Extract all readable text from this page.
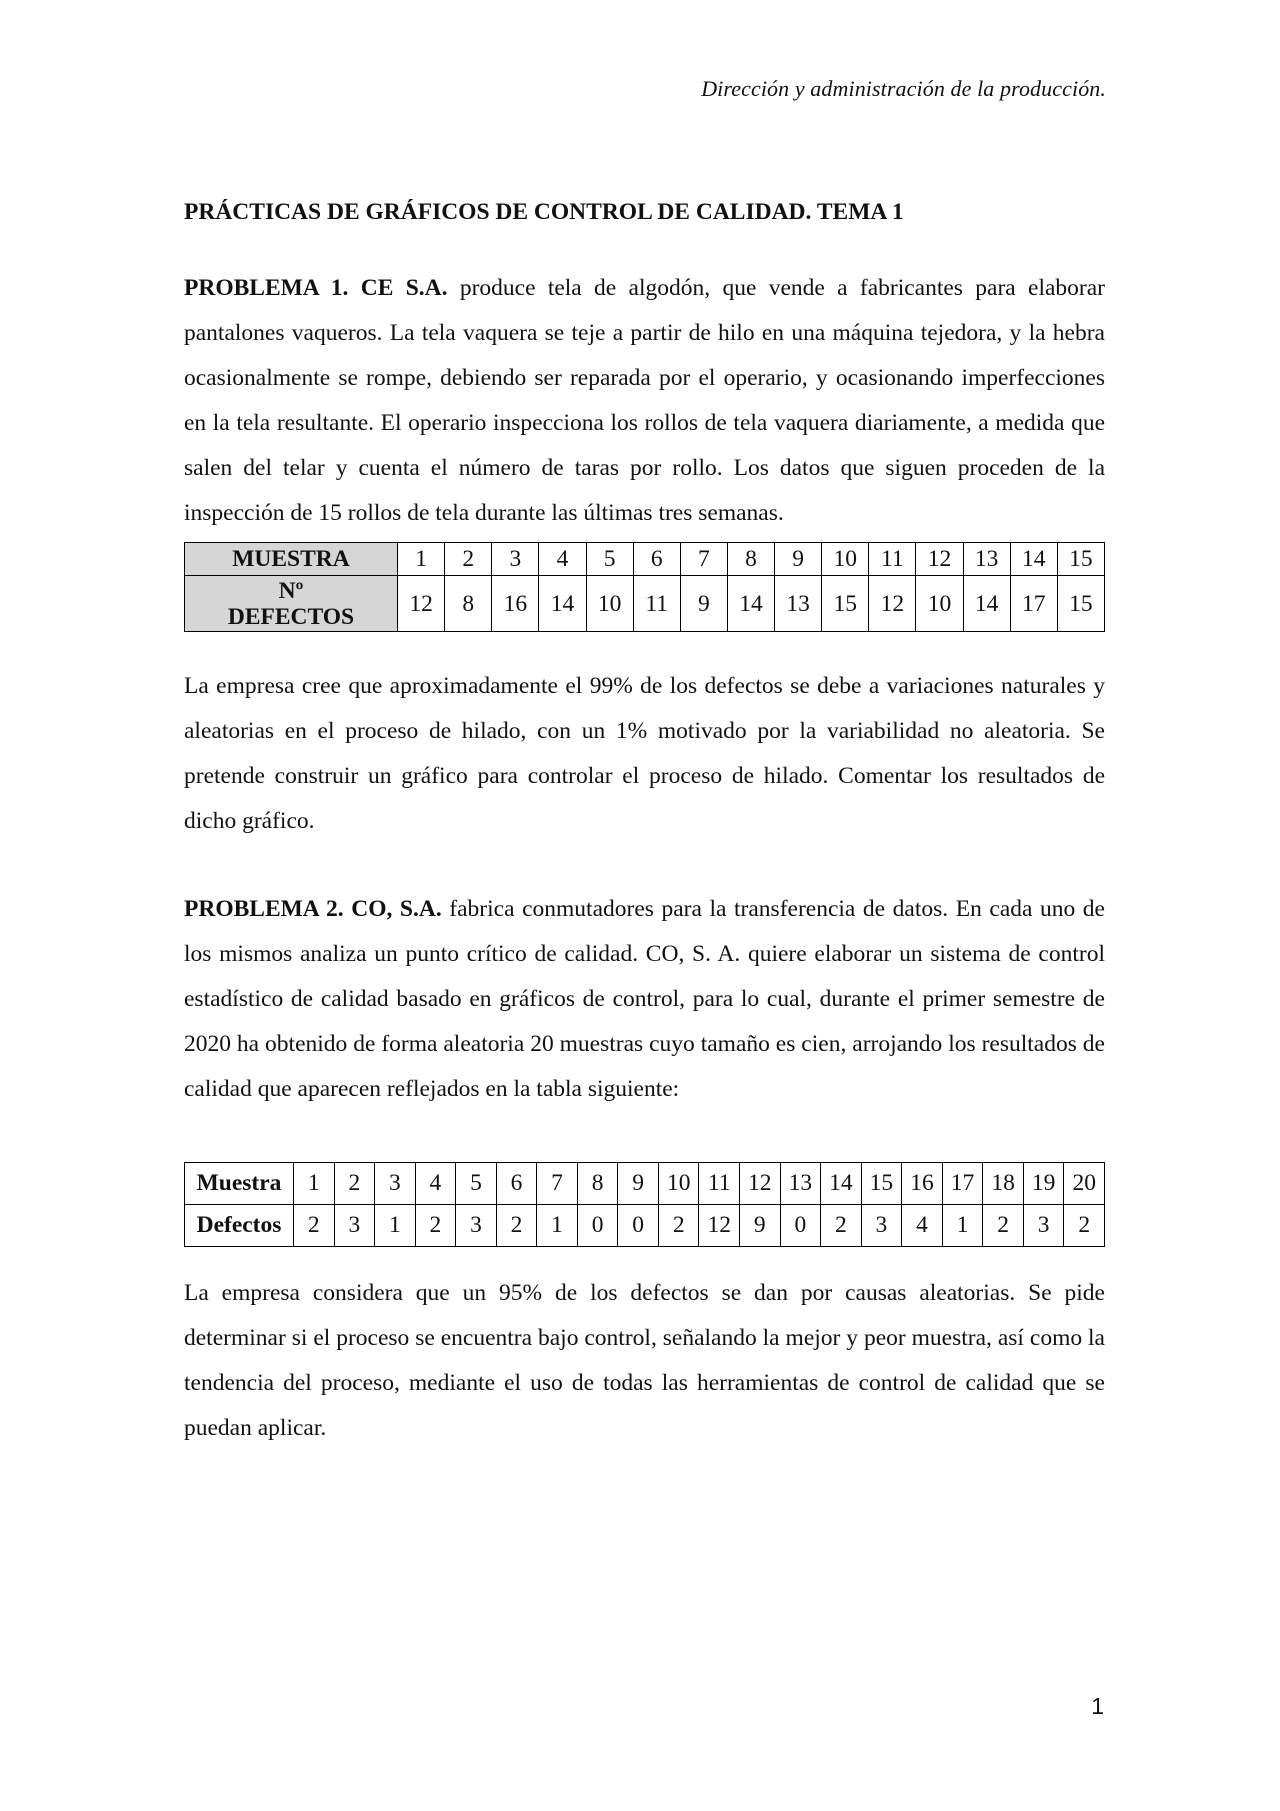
Dirección y administración de la producción.

PRÁCTICAS DE GRÁFICOS DE CONTROL DE CALIDAD. TEMA 1

PROBLEMA 1. CE S.A. produce tela de algodón, que vende a fabricantes para elaborar pantalones vaqueros. La tela vaquera se teje a partir de hilo en una máquina tejedora, y la hebra ocasionalmente se rompe, debiendo ser reparada por el operario, y ocasionando imperfecciones en la tela resultante. El operario inspecciona los rollos de tela vaquera diariamente, a medida que salen del telar y cuenta el número de taras por rollo. Los datos que siguen proceden de la inspección de 15 rollos de tela durante las últimas tres semanas.

MUESTRA	1	2	3	4	5	6	7	8	9	10	11	12	13	14	15
Nº
DEFECTOS	12	8	16	14	10	11	9	14	13	15	12	10	14	17	15

La empresa cree que aproximadamente el 99% de los defectos se debe a variaciones naturales y aleatorias en el proceso de hilado, con un 1% motivado por la variabilidad no aleatoria. Se pretende construir un gráfico para controlar el proceso de hilado. Comentar los resultados de dicho gráfico.

PROBLEMA 2. CO, S.A. fabrica conmutadores para la transferencia de datos. En cada uno de los mismos analiza un punto crítico de calidad. CO, S. A. quiere elaborar un sistema de control estadístico de calidad basado en gráficos de control, para lo cual, durante el primer semestre de 2020 ha obtenido de forma aleatoria 20 muestras cuyo tamaño es cien, arrojando los resultados de calidad que aparecen reflejados en la tabla siguiente:

Muestra	1	2	3	4	5	6	7	8	9	10	11	12	13	14	15	16	17	18	19	20
Defectos	2	3	1	2	3	2	1	0	0	2	12	9	0	2	3	4	1	2	3	2

La empresa considera que un 95% de los defectos se dan por causas aleatorias. Se pide determinar si el proceso se encuentra bajo control, señalando la mejor y peor muestra, así como la tendencia del proceso, mediante el uso de todas las herramientas de control de calidad que se puedan aplicar.

1
